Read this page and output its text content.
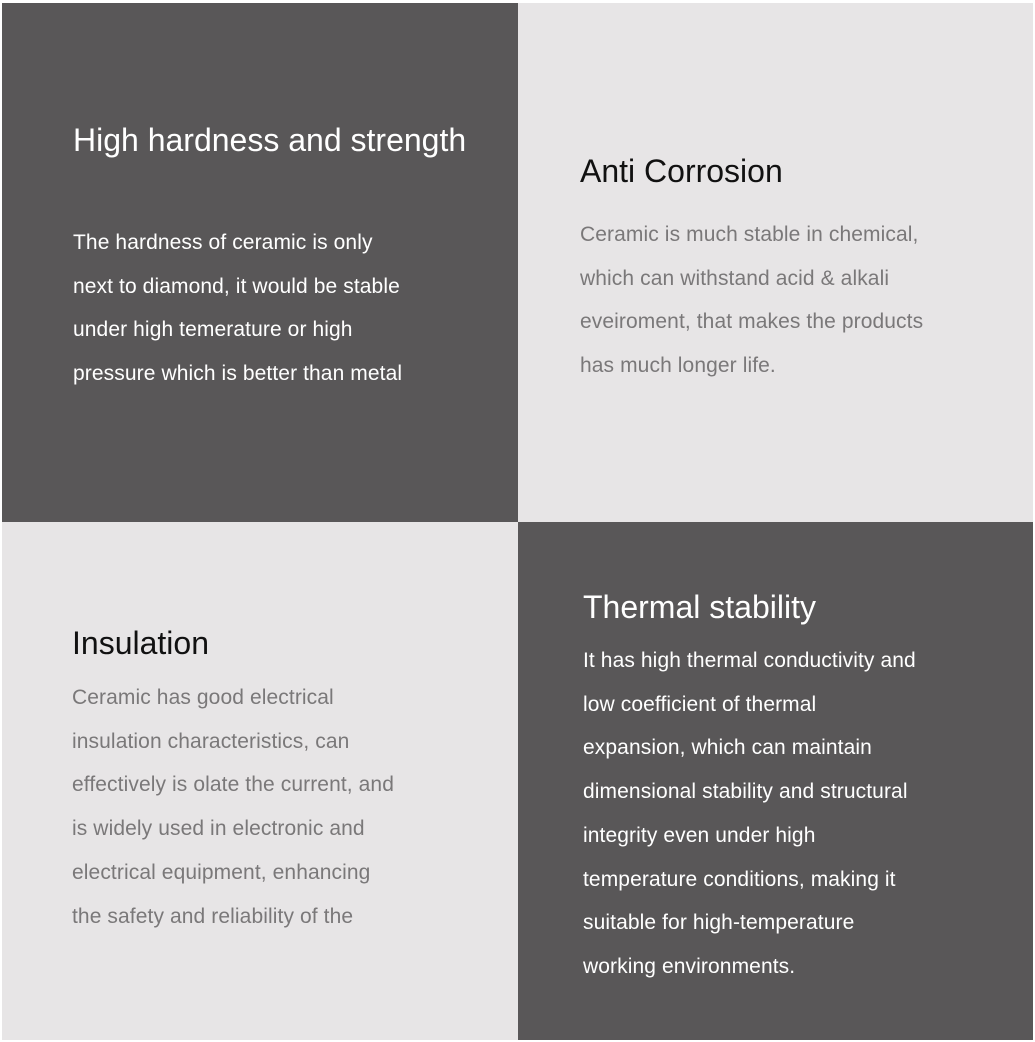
High hardness and strength

The hardness of ceramic is only
next to diamond, it would be stable
under high temerature or high
pressure which is better than metal

Anti Corrosion

Ceramic is much stable in chemical,
which can withstand acid & alkali
eveiroment, that makes the products
has much longer life.

Insulation

Ceramic has good electrical
insulation characteristics, can
effectively is olate the current, and
is widely used in electronic and
electrical equipment, enhancing
the safety and reliability of the

Thermal stability

It has high thermal conductivity and
low coefficient of thermal
expansion, which can maintain
dimensional stability and structural
integrity even under high
temperature conditions, making it
suitable for high-temperature
working environments.
